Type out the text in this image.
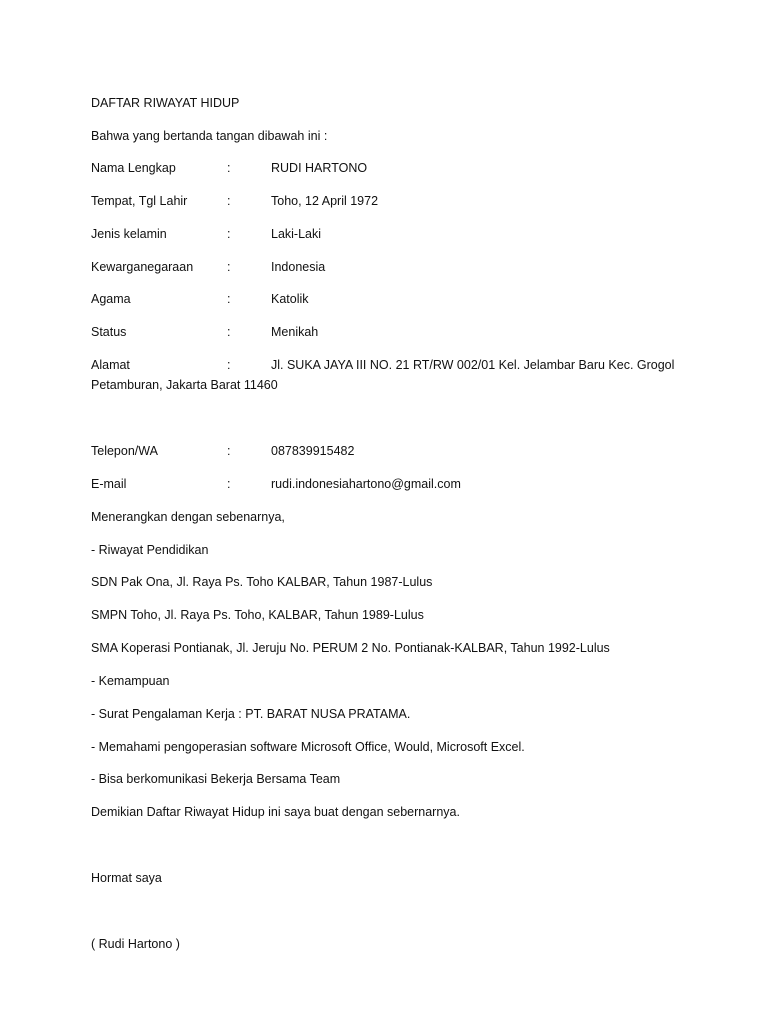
DAFTAR RIWAYAT HIDUP
Bahwa yang bertanda tangan dibawah ini :
Nama Lengkap	:	RUDI HARTONO
Tempat, Tgl Lahir	:	Toho, 12 April 1972
Jenis kelamin	:	Laki-Laki
Kewarganegaraan	:	Indonesia
Agama	:	Katolik
Status	:	Menikah
Alamat	:	Jl. SUKA JAYA III NO. 21 RT/RW 002/01 Kel. Jelambar Baru Kec. Grogol
Petamburan, Jakarta Barat 11460
Telepon/WA	:	087839915482
E-mail	:	rudi.indonesiahartono@gmail.com
Menerangkan dengan sebenarnya,
- Riwayat Pendidikan
SDN Pak Ona, Jl. Raya Ps. Toho KALBAR, Tahun 1987-Lulus
SMPN Toho, Jl. Raya Ps. Toho, KALBAR, Tahun 1989-Lulus
SMA Koperasi Pontianak, Jl. Jeruju No. PERUM 2 No. Pontianak-KALBAR, Tahun 1992-Lulus
- Kemampuan
- Surat Pengalaman Kerja : PT. BARAT NUSA PRATAMA.
- Memahami pengoperasian software Microsoft Office, Would, Microsoft Excel.
- Bisa berkomunikasi Bekerja Bersama Team
Demikian Daftar Riwayat Hidup ini saya buat dengan sebernarnya.
Hormat saya
( Rudi Hartono )
